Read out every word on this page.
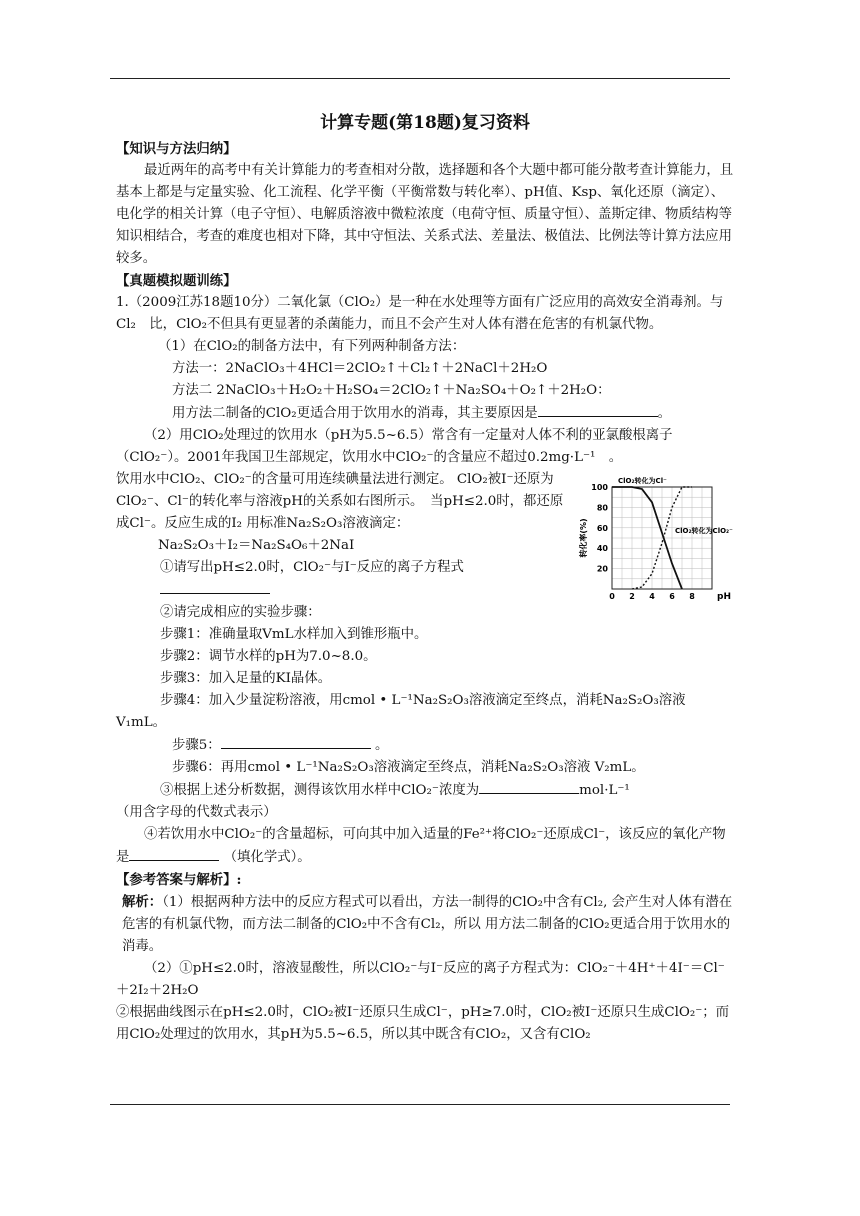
计算专题(第18题)复习资料

【知识与方法归纳】

最近两年的高考中有关计算能力的考查相对分散，选择题和各个大题中都可能分散考查计算能力，且基本上都是与定量实验、化工流程、化学平衡（平衡常数与转化率）、pH值、Ksp、氧化还原（滴定）、电化学的相关计算（电子守恒）、电解质溶液中微粒浓度（电荷守恒、质量守恒）、盖斯定律、物质结构等知识相结合，考查的难度也相对下降，其中守恒法、关系式法、差量法、极值法、比例法等计算方法应用较多。

【真题模拟题训练】

1.（2009江苏18题10分）二氧化氯（ClO₂）是一种在水处理等方面有广泛应用的高效安全消毒剂。与Cl₂　比，ClO₂不但具有更显著的杀菌能力，而且不会产生对人体有潜在危害的有机氯代物。

（1）在ClO₂的制备方法中，有下列两种制备方法：

方法一：2NaClO₃＋4HCl＝2ClO₂↑＋Cl₂↑＋2NaCl＋2H₂O

方法二 2NaClO₃＋H₂O₂＋H₂SO₄＝2ClO₂↑＋Na₂SO₄＋O₂↑＋2H₂O：

用方法二制备的ClO₂更适合用于饮用水的消毒，其主要原因是	。

（2）用ClO₂处理过的饮用水（pH为5.5~6.5）常含有一定量对人体不利的亚氯酸根离子（ClO₂⁻）。2001年我国卫生部规定，饮用水中ClO₂⁻的含量应不超过0.2mg·L⁻¹　。

20
40
60
80
100
0 2 4 6 8 pH
转化率(%)
ClO₂转化为Cl⁻
ClO₂转化为ClO₂⁻

饮用水中ClO₂、ClO₂⁻的含量可用连续碘量法进行测定。 ClO₂被I⁻还原为ClO₂⁻、Cl⁻的转化率与溶液pH的关系如右图所示。　当pH≤2.0时，都还原成Cl⁻。反应生成的I₂ 用标准Na₂S₂O₃溶液滴定：

Na₂S₂O₃＋I₂＝Na₂S₄O₆＋2NaI

①请写出pH≤2.0时，ClO₂⁻与I⁻反应的离子方程式

②请完成相应的实验步骤：

步骤1：准确量取VmL水样加入到锥形瓶中。

步骤2：调节水样的pH为7.0~8.0。

步骤3：加入足量的KI晶体。

步骤4：加入少量淀粉溶液，用cmol • L⁻¹Na₂S₂O₃溶液滴定至终点，消耗Na₂S₂O₃溶液V₁mL。

步骤5：	。

步骤6：再用cmol • L⁻¹Na₂S₂O₃溶液滴定至终点，消耗Na₂S₂O₃溶液 V₂mL。

③根据上述分析数据，测得该饮用水样中ClO₂⁻浓度为	mol·L⁻¹

（用含字母的代数式表示）

④若饮用水中ClO₂⁻的含量超标，可向其中加入适量的Fe²⁺将ClO₂⁻还原成Cl⁻，该反应的氧化产物是	（填化学式）。

【参考答案与解析】:

解析：（1）根据两种方法中的反应方程式可以看出，方法一制得的ClO₂中含有Cl₂, 会产生对人体有潜在危害的有机氯代物，而方法二制备的ClO₂中不含有Cl₂，所以 用方法二制备的ClO₂更适合用于饮用水的消毒。

（2）①pH≤2.0时，溶液显酸性，所以ClO₂⁻与I⁻反应的离子方程式为：ClO₂⁻＋4H⁺＋4I⁻＝Cl⁻＋2I₂＋2H₂O

②根据曲线图示在pH≤2.0时，ClO₂被I⁻还原只生成Cl⁻，pH≥7.0时，ClO₂被I⁻还原只生成ClO₂⁻；而用ClO₂处理过的饮用水，其pH为5.5~6.5，所以其中既含有ClO₂，又含有ClO₂
